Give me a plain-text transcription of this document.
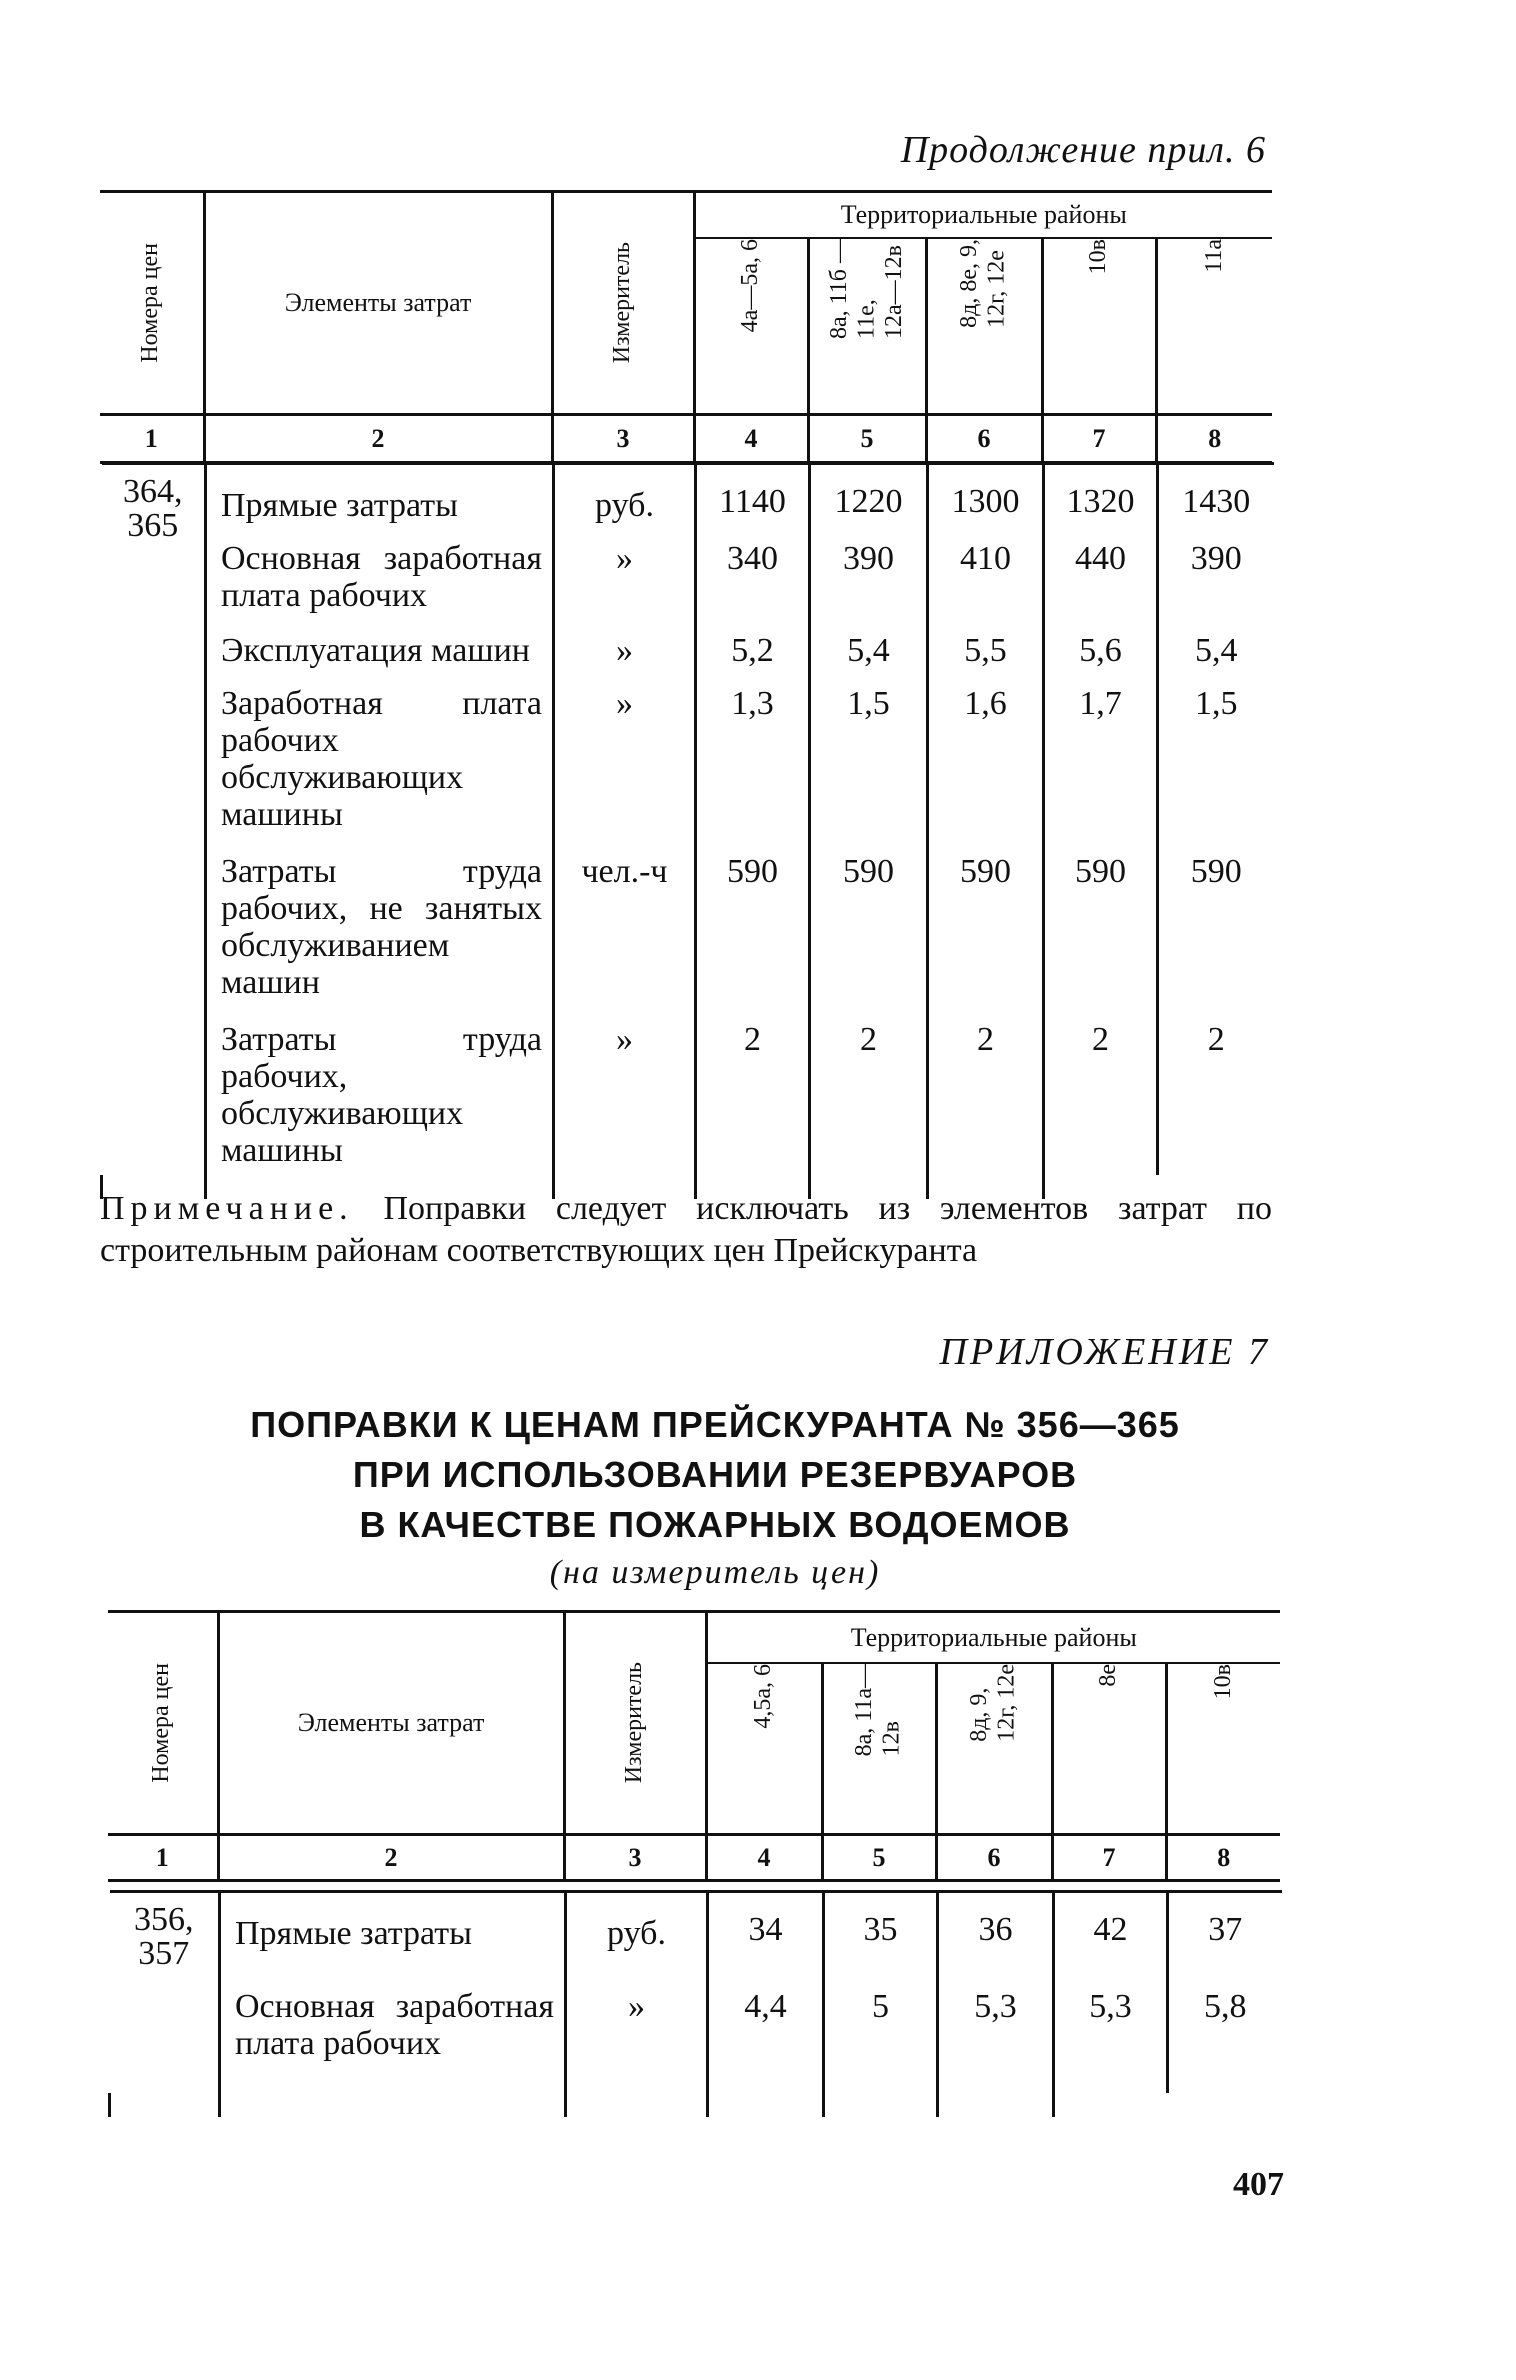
Продолжение прил. 6
Номера цен	Элементы затрат	Измеритель	Территориальные районы				

			4а—5а, 6	8а, 11б —
11е,
12а—12в	8д, 8е, 9,
12г, 12е	10в	11а

1	2	3	4	5	6	7	8
364,
365	Прямые затраты	руб.	1140	1220	1300	1320	1430
	Основная заработная плата рабочих	»	340	390	410	440	390
	Эксплуатация машин	»	5,2	5,4	5,5	5,6	5,4
	Заработная плата рабочих обслуживающих машины	»	1,3	1,5	1,6	1,7	1,5
	Затраты труда рабочих, не занятых обслуживанием машин	чел.-ч	590	590	590	590	590
	Затраты труда рабочих, обслуживающих машины	»	2	2	2	2	2

Примечание. Поправки следует исключать из элементов затрат по строительным районам соответствующих цен Прейскуранта
ПРИЛОЖЕНИЕ 7
ПОПРАВКИ К ЦЕНАМ ПРЕЙСКУРАНТА № 356—365
ПРИ ИСПОЛЬЗОВАНИИ РЕЗЕРВУАРОВ
В КАЧЕСТВЕ ПОЖАРНЫХ ВОДОЕМОВ
(на измеритель цен)
Номера цен	Элементы затрат	Измеритель	Территориальные районы				

			4,5а, 6	8а, 11а—
12в	8д, 9,
12г, 12е	8е	10в

1	2	3	4	5	6	7	8
356,
357	Прямые затраты	руб.	34	35	36	42	37
	Основная заработная плата рабочих	»	4,4	5	5,3	5,3	5,8

407
